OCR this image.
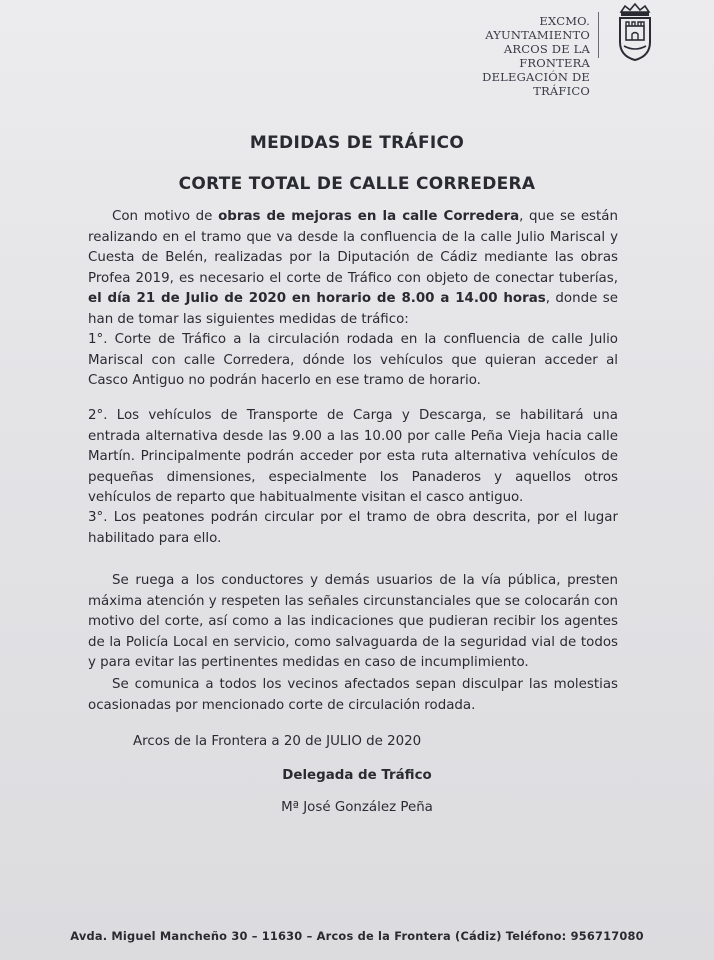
EXCMO. AYUNTAMIENTO
ARCOS DE LA FRONTERA
DELEGACIÓN DE TRÁFICO
MEDIDAS DE TRÁFICO
CORTE TOTAL DE CALLE CORREDERA
Con motivo de obras de mejoras en la calle Corredera, que se están realizando en el tramo que va desde la confluencia de la calle Julio Mariscal y Cuesta de Belén, realizadas por la Diputación de Cádiz mediante las obras Profea 2019, es necesario el corte de Tráfico con objeto de conectar tuberías, el día 21 de Julio de 2020 en horario de 8.00 a 14.00 horas, donde se han de tomar las siguientes medidas de tráfico:
1°. Corte de Tráfico a la circulación rodada en la confluencia de calle Julio Mariscal con calle Corredera, dónde los vehículos que quieran acceder al Casco Antiguo no podrán hacerlo en ese tramo de horario.
2°. Los vehículos de Transporte de Carga y Descarga, se habilitará una entrada alternativa desde las 9.00 a las 10.00 por calle Peña Vieja hacia calle Martín. Principalmente podrán acceder por esta ruta alternativa vehículos de pequeñas dimensiones, especialmente los Panaderos y aquellos otros vehículos de reparto que habitualmente visitan el casco antiguo.
3°. Los peatones podrán circular por el tramo de obra descrita, por el lugar habilitado para ello.
Se ruega a los conductores y demás usuarios de la vía pública, presten máxima atención y respeten las señales circunstanciales que se colocarán con motivo del corte, así como a las indicaciones que pudieran recibir los agentes de la Policía Local en servicio, como salvaguarda de la seguridad vial de todos y para evitar las pertinentes medidas en caso de incumplimiento.
Se comunica a todos los vecinos afectados sepan disculpar las molestias ocasionadas por mencionado corte de circulación rodada.
Arcos de la Frontera a 20 de JULIO de 2020
Delegada de Tráfico
Mª José González Peña
Avda. Miguel Mancheño 30 – 11630 – Arcos de la Frontera (Cádiz) Teléfono: 956717080
